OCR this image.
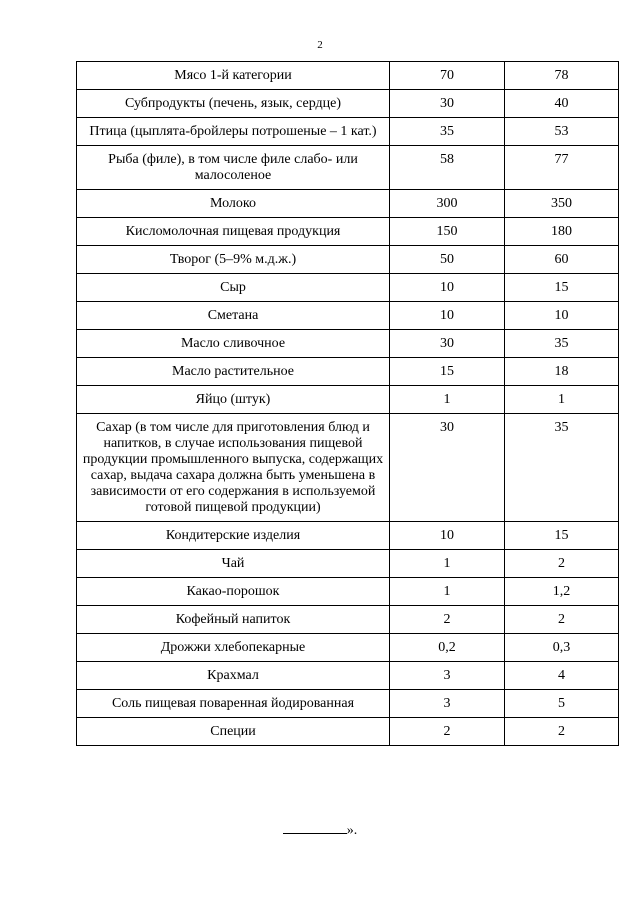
2
Мясо 1-й категории	70	78
Субпродукты (печень, язык, сердце)	30	40
Птица (цыплята-бройлеры потрошеные – 1 кат.)	35	53
Рыба (филе), в том числе филе слабо- или малосоленое	58	77
Молоко	300	350
Кисломолочная пищевая продукция	150	180
Творог (5–9% м.д.ж.)	50	60
Сыр	10	15
Сметана	10	10
Масло сливочное	30	35
Масло растительное	15	18
Яйцо (штук)	1	1
Сахар (в том числе для приготовления блюд и напитков, в случае использования пищевой продукции промышленного выпуска, содержащих сахар, выдача сахара должна быть уменьшена в зависимости от его содержания в используемой готовой пищевой продукции)	30	35
Кондитерские изделия	10	15
Чай	1	2
Какао-порошок	1	1,2
Кофейный напиток	2	2
Дрожжи хлебопекарные	0,2	0,3
Крахмал	3	4
Соль пищевая поваренная йодированная	3	5
Специи	2	2
».
